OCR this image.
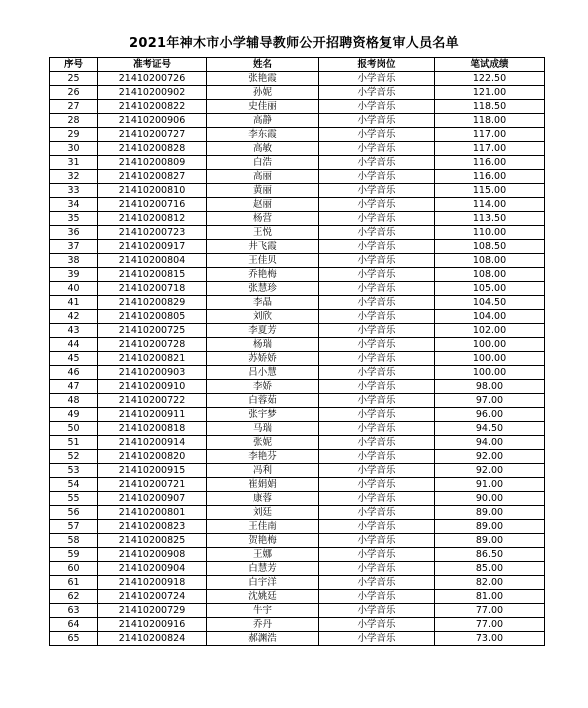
2021年神木市小学辅导教师公开招聘资格复审人员名单
序号	准考证号	姓名	报考岗位	笔试成绩
25	21410200726	张艳霞	小学音乐	122.50
26	21410200902	孙妮	小学音乐	121.00
27	21410200822	史佳丽	小学音乐	118.50
28	21410200906	高静	小学音乐	118.00
29	21410200727	李东霞	小学音乐	117.00
30	21410200828	高敏	小学音乐	117.00
31	21410200809	白浩	小学音乐	116.00
32	21410200827	高丽	小学音乐	116.00
33	21410200810	黄丽	小学音乐	115.00
34	21410200716	赵丽	小学音乐	114.00
35	21410200812	杨营	小学音乐	113.50
36	21410200723	王悦	小学音乐	110.00
37	21410200917	井飞霞	小学音乐	108.50
38	21410200804	王佳贝	小学音乐	108.00
39	21410200815	乔艳梅	小学音乐	108.00
40	21410200718	张慧珍	小学音乐	105.00
41	21410200829	李晶	小学音乐	104.50
42	21410200805	刘欣	小学音乐	104.00
43	21410200725	李夏芳	小学音乐	102.00
44	21410200728	杨瑞	小学音乐	100.00
45	21410200821	苏娇娇	小学音乐	100.00
46	21410200903	吕小慧	小学音乐	100.00
47	21410200910	李娇	小学音乐	98.00
48	21410200722	白蓉茹	小学音乐	97.00
49	21410200911	张宇梦	小学音乐	96.00
50	21410200818	马瑞	小学音乐	94.50
51	21410200914	张妮	小学音乐	94.00
52	21410200820	李艳芬	小学音乐	92.00
53	21410200915	冯利	小学音乐	92.00
54	21410200721	崔娟娟	小学音乐	91.00
55	21410200907	康蓉	小学音乐	90.00
56	21410200801	刘廷	小学音乐	89.00
57	21410200823	王佳南	小学音乐	89.00
58	21410200825	贺艳梅	小学音乐	89.00
59	21410200908	王娜	小学音乐	86.50
60	21410200904	白慧芳	小学音乐	85.00
61	21410200918	白宇洋	小学音乐	82.00
62	21410200724	沈姚廷	小学音乐	81.00
63	21410200729	牛宇	小学音乐	77.00
64	21410200916	乔丹	小学音乐	77.00
65	21410200824	郝渊浩	小学音乐	73.00
